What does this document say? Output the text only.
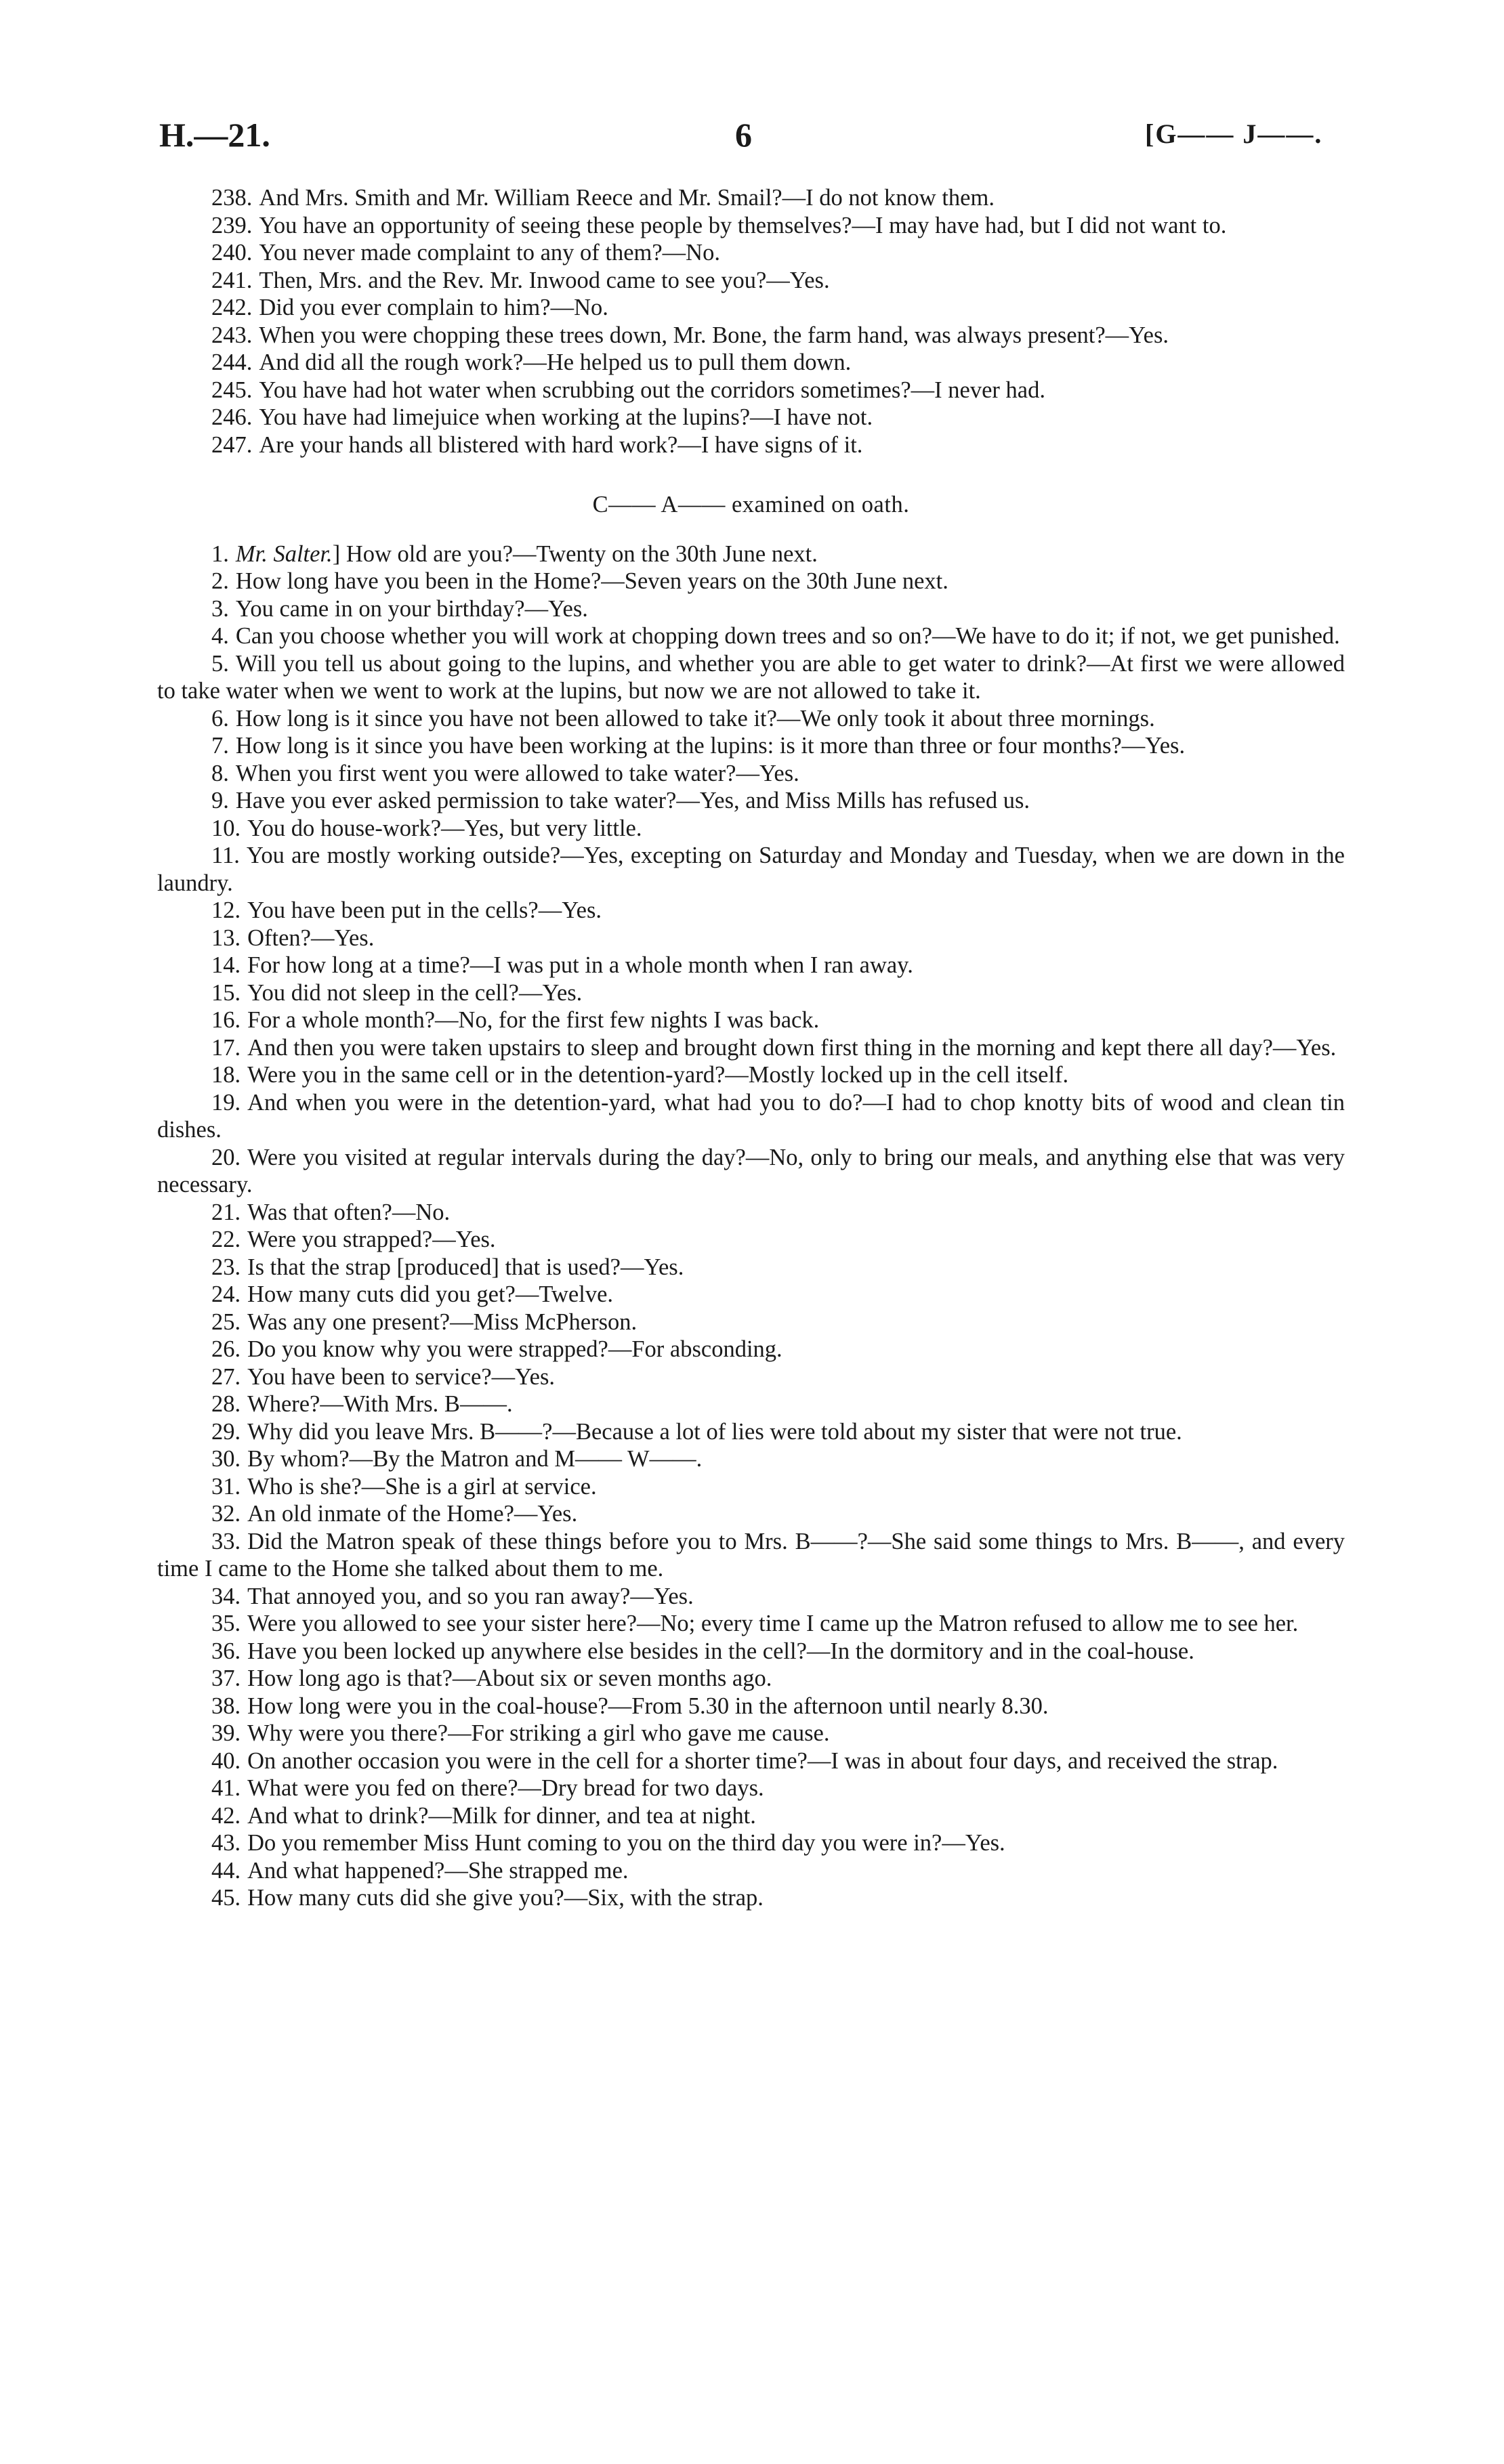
H.—21.	6	[G—— J——.

238. And Mrs. Smith and Mr. William Reece and Mr. Smail?—I do not know them.

239. You have an opportunity of seeing these people by themselves?—I may have had, but I did not want to.

240. You never made complaint to any of them?—No.

241. Then, Mrs. and the Rev. Mr. Inwood came to see you?—Yes.

242. Did you ever complain to him?—No.

243. When you were chopping these trees down, Mr. Bone, the farm hand, was always present?—Yes.

244. And did all the rough work?—He helped us to pull them down.

245. You have had hot water when scrubbing out the corridors sometimes?—I never had.

246. You have had limejuice when working at the lupins?—I have not.

247. Are your hands all blistered with hard work?—I have signs of it.

C—— A—— examined on oath.

1. Mr. Salter.] How old are you?—Twenty on the 30th June next.

2. How long have you been in the Home?—Seven years on the 30th June next.

3. You came in on your birthday?—Yes.

4. Can you choose whether you will work at chopping down trees and so on?—We have to do it; if not, we get punished.

5. Will you tell us about going to the lupins, and whether you are able to get water to drink?—At first we were allowed to take water when we went to work at the lupins, but now we are not allowed to take it.

6. How long is it since you have not been allowed to take it?—We only took it about three mornings.

7. How long is it since you have been working at the lupins: is it more than three or four months?—Yes.

8. When you first went you were allowed to take water?—Yes.

9. Have you ever asked permission to take water?—Yes, and Miss Mills has refused us.

10. You do house-work?—Yes, but very little.

11. You are mostly working outside?—Yes, excepting on Saturday and Monday and Tuesday, when we are down in the laundry.

12. You have been put in the cells?—Yes.

13. Often?—Yes.

14. For how long at a time?—I was put in a whole month when I ran away.

15. You did not sleep in the cell?—Yes.

16. For a whole month?—No, for the first few nights I was back.

17. And then you were taken upstairs to sleep and brought down first thing in the morning and kept there all day?—Yes.

18. Were you in the same cell or in the detention-yard?—Mostly locked up in the cell itself.

19. And when you were in the detention-yard, what had you to do?—I had to chop knotty bits of wood and clean tin dishes.

20. Were you visited at regular intervals during the day?—No, only to bring our meals, and anything else that was very necessary.

21. Was that often?—No.

22. Were you strapped?—Yes.

23. Is that the strap [produced] that is used?—Yes.

24. How many cuts did you get?—Twelve.

25. Was any one present?—Miss McPherson.

26. Do you know why you were strapped?—For absconding.

27. You have been to service?—Yes.

28. Where?—With Mrs. B——.

29. Why did you leave Mrs. B——?—Because a lot of lies were told about my sister that were not true.

30. By whom?—By the Matron and M—— W——.

31. Who is she?—She is a girl at service.

32. An old inmate of the Home?—Yes.

33. Did the Matron speak of these things before you to Mrs. B——?—She said some things to Mrs. B——, and every time I came to the Home she talked about them to me.

34. That annoyed you, and so you ran away?—Yes.

35. Were you allowed to see your sister here?—No; every time I came up the Matron refused to allow me to see her.

36. Have you been locked up anywhere else besides in the cell?—In the dormitory and in the coal-house.

37. How long ago is that?—About six or seven months ago.

38. How long were you in the coal-house?—From 5.30 in the afternoon until nearly 8.30.

39. Why were you there?—For striking a girl who gave me cause.

40. On another occasion you were in the cell for a shorter time?—I was in about four days, and received the strap.

41. What were you fed on there?—Dry bread for two days.

42. And what to drink?—Milk for dinner, and tea at night.

43. Do you remember Miss Hunt coming to you on the third day you were in?—Yes.

44. And what happened?—She strapped me.

45. How many cuts did she give you?—Six, with the strap.
